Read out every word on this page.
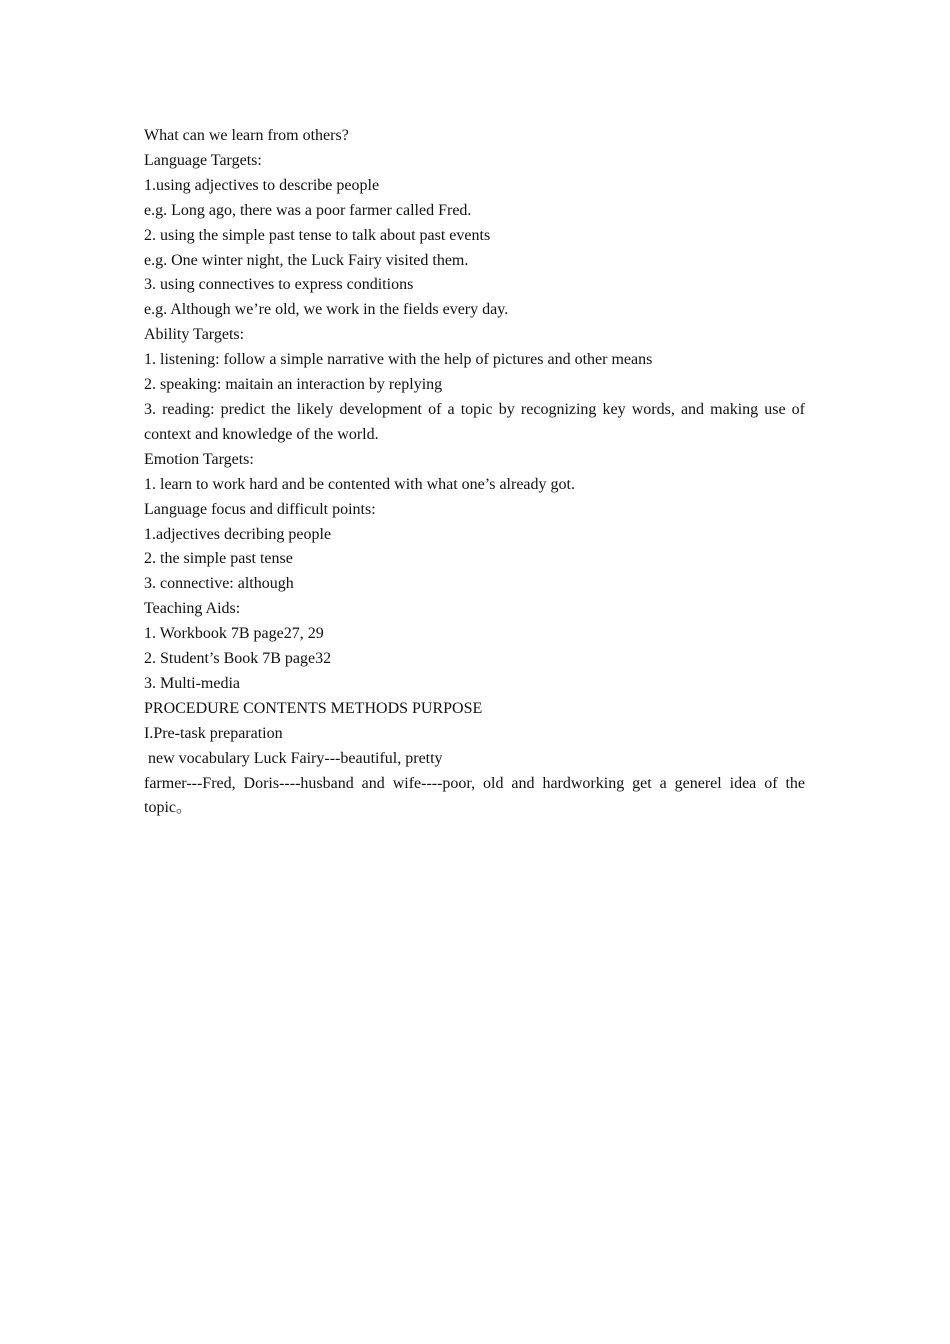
What can we learn from others?
Language Targets:
1.using adjectives to describe people
e.g. Long ago, there was a poor farmer called Fred.
2. using the simple past tense to talk about past events
e.g. One winter night, the Luck Fairy visited them.
3. using connectives to express conditions
e.g. Although we’re old, we work in the fields every day.
Ability Targets:
1. listening: follow a simple narrative with the help of pictures and other means
2. speaking: maitain an interaction by replying
3. reading: predict the likely development of a topic by recognizing key words, and making use of context and knowledge of the world.
Emotion Targets:
1. learn to work hard and be contented with what one’s already got.
Language focus and difficult points:
1.adjectives decribing people
2. the simple past tense
3. connective: although
Teaching Aids:
1. Workbook 7B page27, 29
2. Student’s Book 7B page32
3. Multi-media
PROCEDURE CONTENTS METHODS PURPOSE
I.Pre-task preparation
new vocabulary Luck Fairy---beautiful, pretty
farmer---Fred, Doris----husband and wife----poor, old and hardworking get a generel idea of the topic。
